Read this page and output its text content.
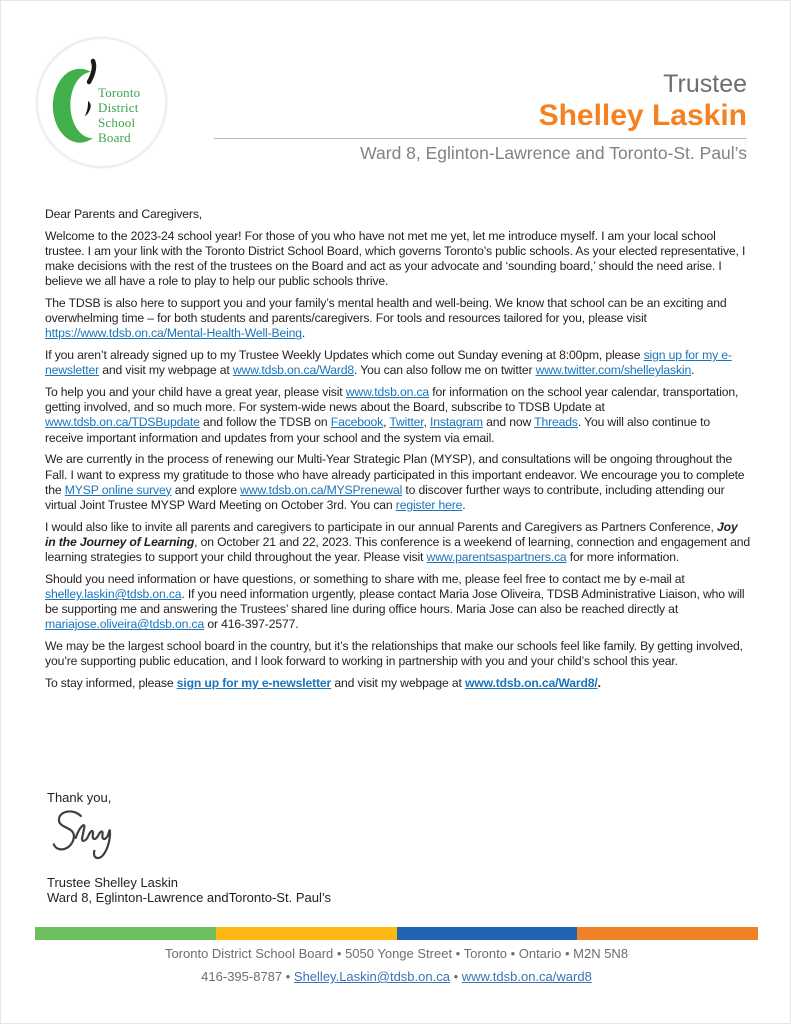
Toronto
District
School
Board
Trustee
Shelley Laskin
Ward 8, Eglinton-Lawrence and Toronto-St. Paul’s

Dear Parents and Caregivers,

Welcome to the 2023-24 school year! For those of you who have not met me yet, let me introduce myself. I am your local school trustee. I am your link with the Toronto District School Board, which governs Toronto’s public schools. As your elected representative, I make decisions with the rest of the trustees on the Board and act as your advocate and ‘sounding board,’ should the need arise. I believe we all have a role to play to help our public schools thrive.

The TDSB is also here to support you and your family’s mental health and well-being. We know that school can be an exciting and overwhelming time – for both students and parents/caregivers. For tools and resources tailored for you, please visit https://www.tdsb.on.ca/Mental-Health-Well-Being.

If you aren’t already signed up to my Trustee Weekly Updates which come out Sunday evening at 8:00pm, please sign up for my e-newsletter and visit my webpage at www.tdsb.on.ca/Ward8. You can also follow me on twitter www.twitter.com/shelleylaskin.

To help you and your child have a great year, please visit www.tdsb.on.ca for information on the school year calendar, transportation, getting involved, and so much more. For system-wide news about the Board, subscribe to TDSB Update at www.tdsb.on.ca/TDSBupdate and follow the TDSB on Facebook, Twitter, Instagram and now Threads. You will also continue to receive important information and updates from your school and the system via email.

We are currently in the process of renewing our Multi-Year Strategic Plan (MYSP), and consultations will be ongoing throughout the Fall. I want to express my gratitude to those who have already participated in this important endeavor. We encourage you to complete the MYSP online survey and explore www.tdsb.on.ca/MYSPrenewal to discover further ways to contribute, including attending our virtual Joint Trustee MYSP Ward Meeting on October 3rd. You can register here.

I would also like to invite all parents and caregivers to participate in our annual Parents and Caregivers as Partners Conference, Joy in the Journey of Learning, on October 21 and 22, 2023. This conference is a weekend of learning, connection and engagement and learning strategies to support your child throughout the year. Please visit www.parentsaspartners.ca for more information.

Should you need information or have questions, or something to share with me, please feel free to contact me by e-mail at shelley.laskin@tdsb.on.ca. If you need information urgently, please contact Maria Jose Oliveira, TDSB Administrative Liaison, who will be supporting me and answering the Trustees’ shared line during office hours. Maria Jose can also be reached directly at mariajose.oliveira@tdsb.on.ca or 416-397-2577.

We may be the largest school board in the country, but it’s the relationships that make our schools feel like family. By getting involved, you’re supporting public education, and I look forward to working in partnership with you and your child’s school this year.

To stay informed, please sign up for my e-newsletter and visit my webpage at www.tdsb.on.ca/Ward8/.

Thank you,
Trustee Shelley Laskin
Ward 8, Eglinton-Lawrence andToronto-St. Paul’s
Toronto District School Board • 5050 Yonge Street • Toronto • Ontario • M2N 5N8
416-395-8787 • Shelley.Laskin@tdsb.on.ca • www.tdsb.on.ca/ward8
